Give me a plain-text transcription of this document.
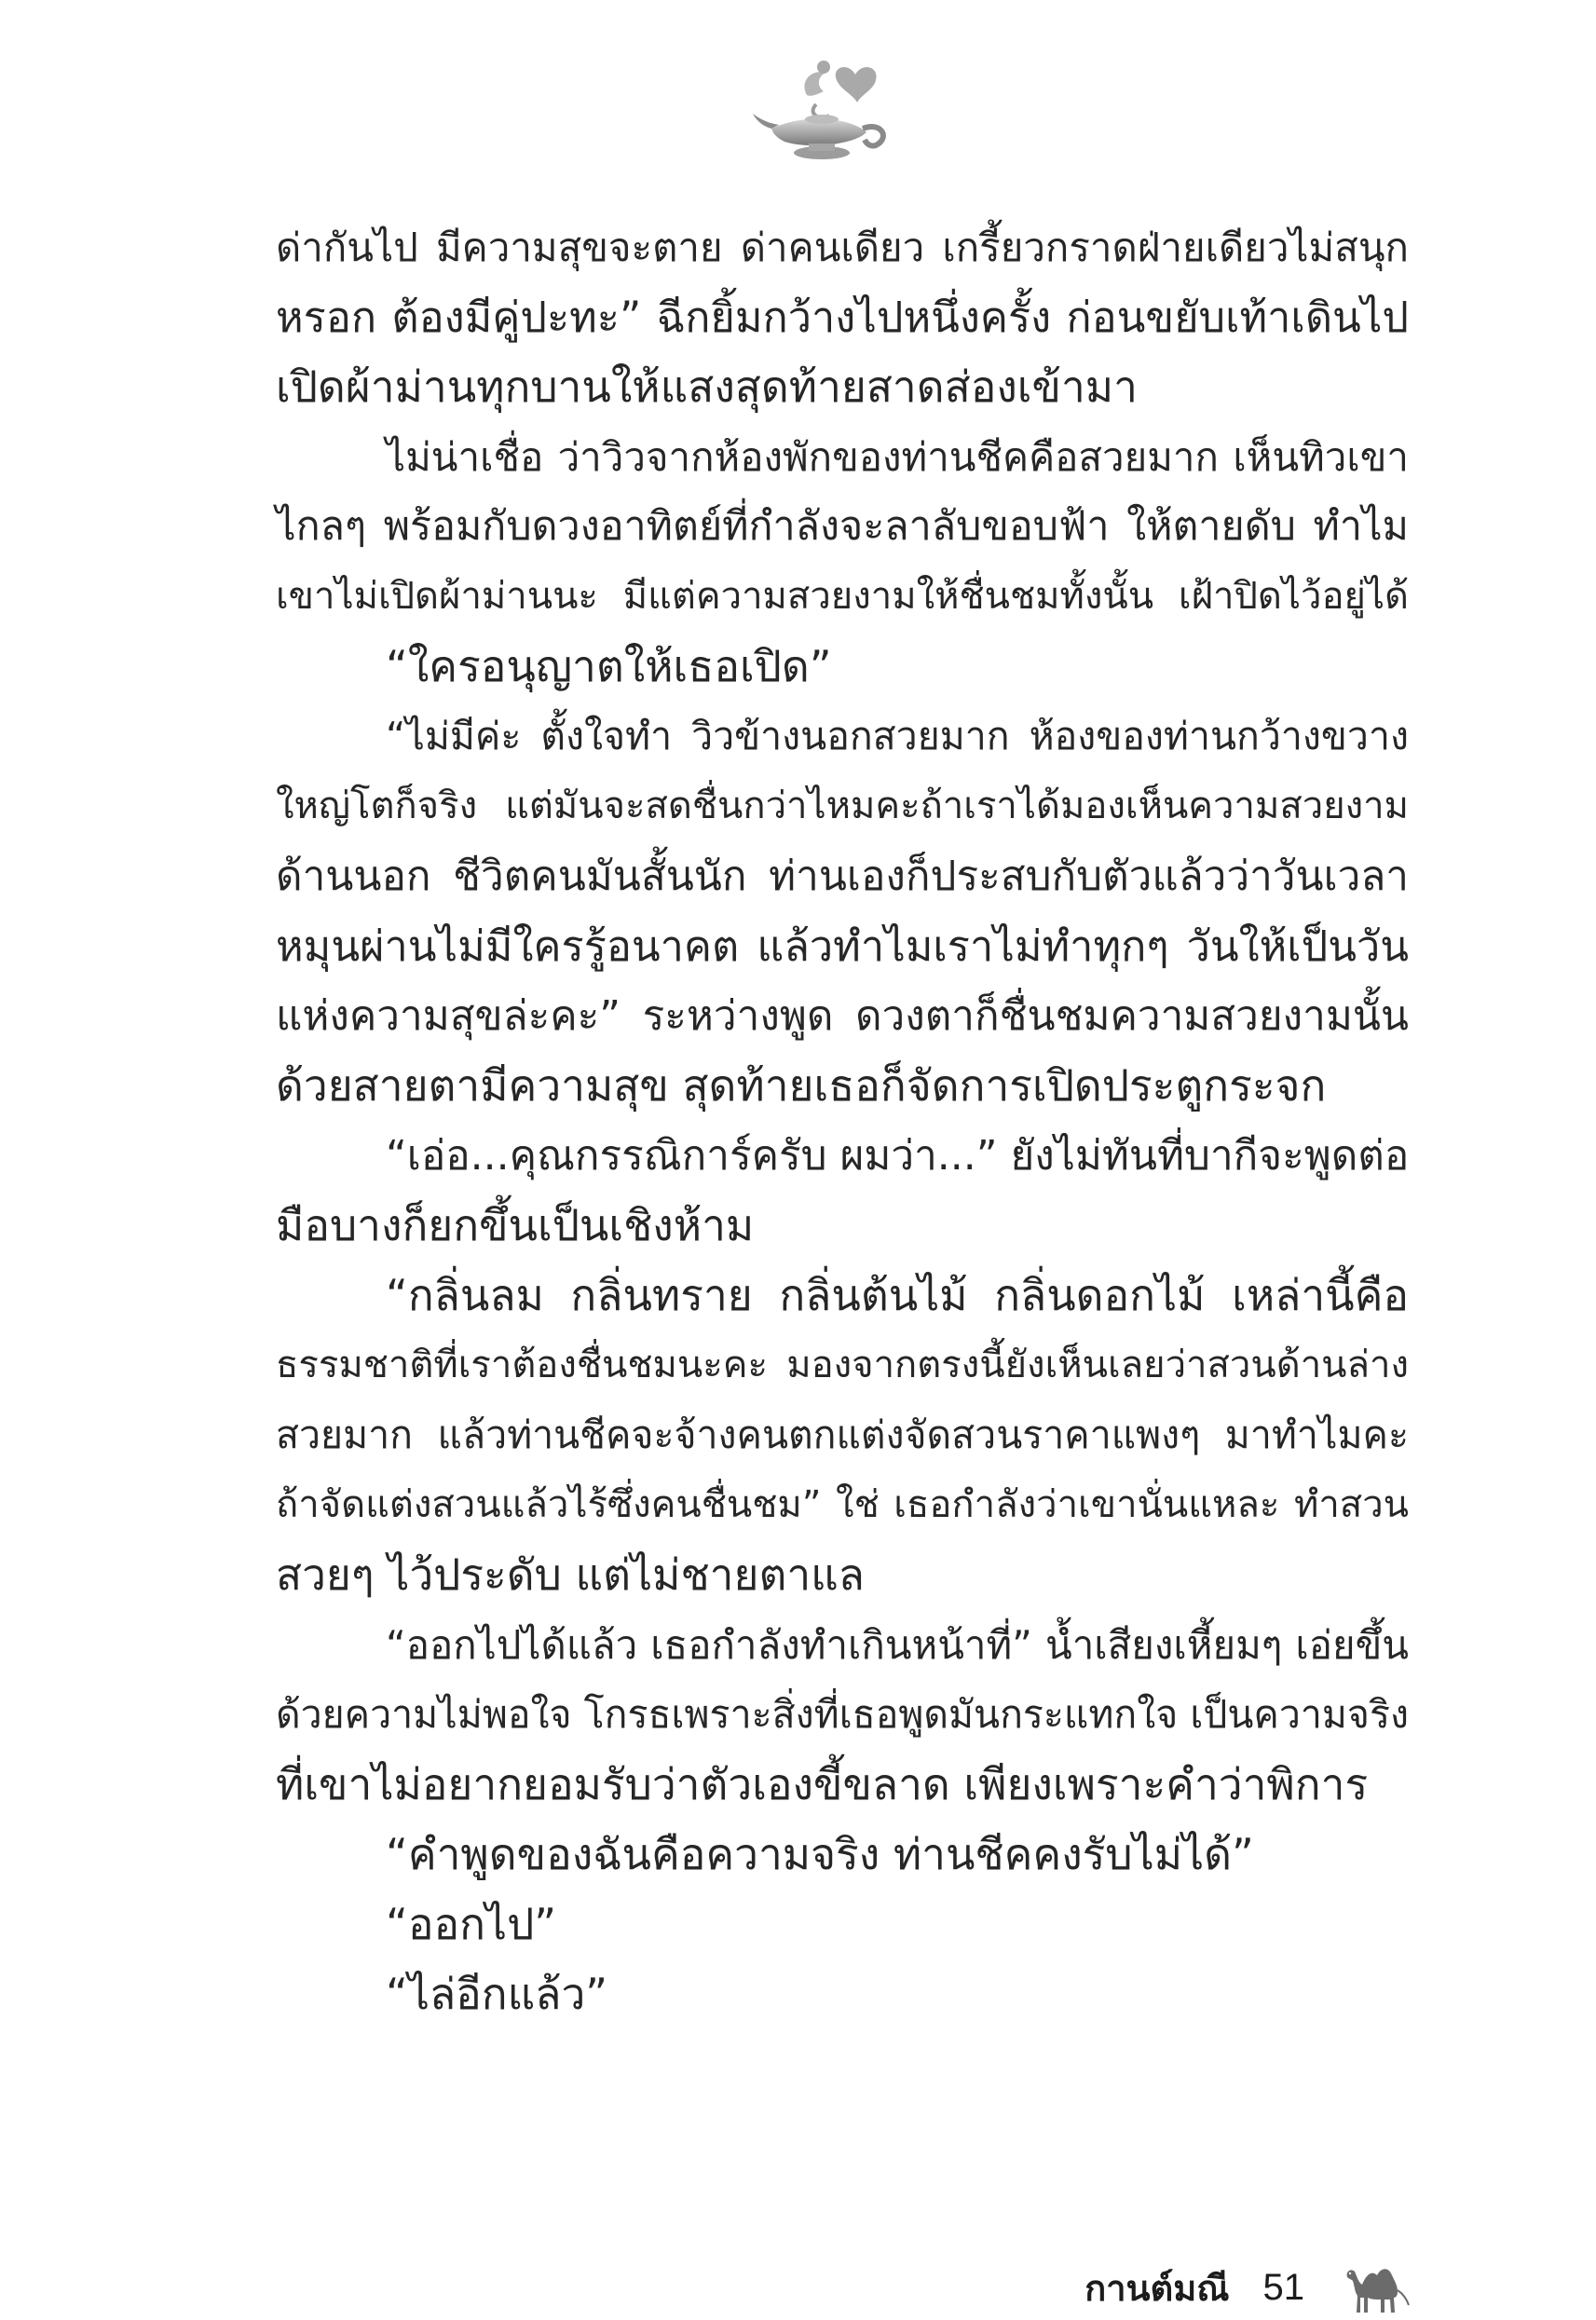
ด่ากันไป มีความสุขจะตาย ด่าคนเดียว เกรี้ยวกราดฝ่ายเดียวไม่สนุก
หรอก ต้องมีคู่ปะทะ” ฉีกยิ้มกว้างไปหนึ่งครั้ง ก่อนขยับเท้าเดินไป
เปิดผ้าม่านทุกบานให้แสงสุดท้ายสาดส่องเข้ามา
ไม่น่าเชื่อ ว่าวิวจากห้องพักของท่านชีคคือสวยมาก เห็นทิวเขา
ไกลๆ พร้อมกับดวงอาทิตย์ที่กำลังจะลาลับขอบฟ้า ให้ตายดับ ทำไม
เขาไม่เปิดผ้าม่านนะ มีแต่ความสวยงามให้ชื่นชมทั้งนั้น เฝ้าปิดไว้อยู่ได้
“ใครอนุญาตให้เธอเปิด”
“ไม่มีค่ะ ตั้งใจทำ วิวข้างนอกสวยมาก ห้องของท่านกว้างขวาง
ใหญ่โตก็จริง แต่มันจะสดชื่นกว่าไหมคะถ้าเราได้มองเห็นความสวยงาม
ด้านนอก ชีวิตคนมันสั้นนัก ท่านเองก็ประสบกับตัวแล้วว่าวันเวลา
หมุนผ่านไม่มีใครรู้อนาคต แล้วทำไมเราไม่ทำทุกๆ วันให้เป็นวัน
แห่งความสุขล่ะคะ” ระหว่างพูด ดวงตาก็ชื่นชมความสวยงามนั้น
ด้วยสายตามีความสุข สุดท้ายเธอก็จัดการเปิดประตูกระจก
“เอ่อ...คุณกรรณิการ์ครับ ผมว่า...” ยังไม่ทันที่บากีจะพูดต่อ
มือบางก็ยกขึ้นเป็นเชิงห้าม
“กลิ่นลม กลิ่นทราย กลิ่นต้นไม้ กลิ่นดอกไม้ เหล่านี้คือ
ธรรมชาติที่เราต้องชื่นชมนะคะ มองจากตรงนี้ยังเห็นเลยว่าสวนด้านล่าง
สวยมาก แล้วท่านชีคจะจ้างคนตกแต่งจัดสวนราคาแพงๆ มาทำไมคะ
ถ้าจัดแต่งสวนแล้วไร้ซึ่งคนชื่นชม” ใช่ เธอกำลังว่าเขานั่นแหละ ทำสวน
สวยๆ ไว้ประดับ แต่ไม่ชายตาแล
“ออกไปได้แล้ว เธอกำลังทำเกินหน้าที่” น้ำเสียงเหี้ยมๆ เอ่ยขึ้น
ด้วยความไม่พอใจ โกรธเพราะสิ่งที่เธอพูดมันกระแทกใจ เป็นความจริง
ที่เขาไม่อยากยอมรับว่าตัวเองขี้ขลาด เพียงเพราะคำว่าพิการ
“คำพูดของฉันคือความจริง ท่านชีคคงรับไม่ได้”
“ออกไป”
“ไล่อีกแล้ว”
กานต์มณี 51
